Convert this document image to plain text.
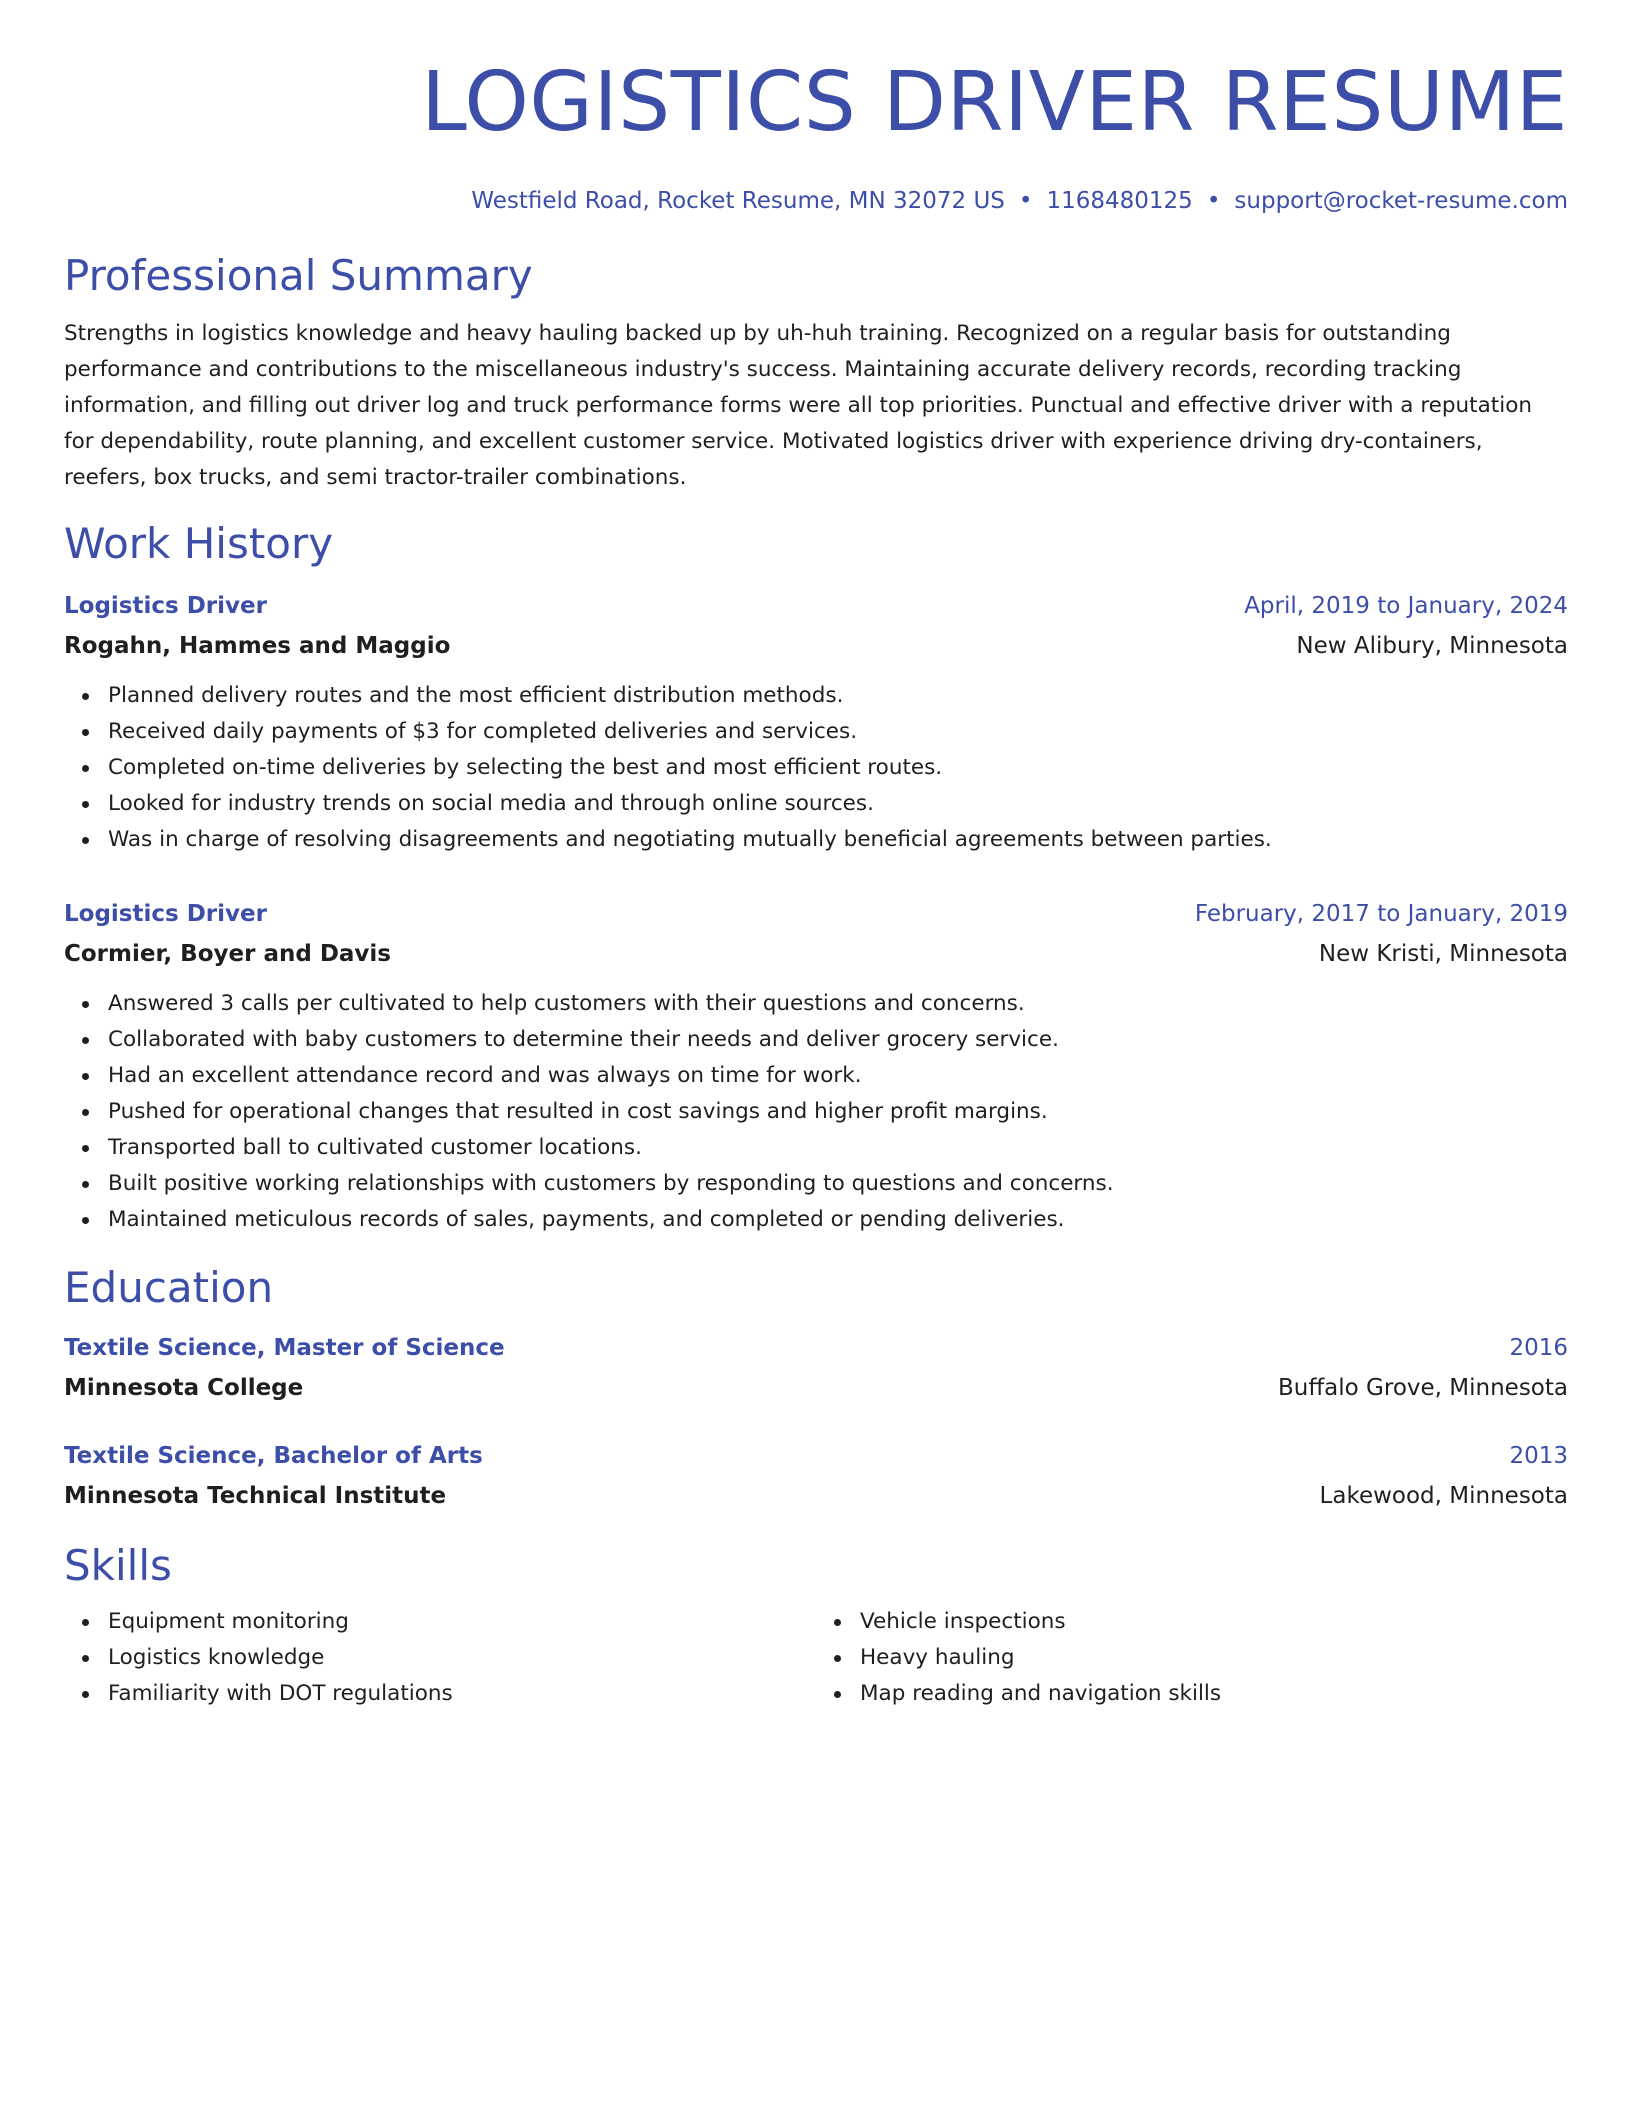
LOGISTICS DRIVER RESUME
Westfield Road, Rocket Resume, MN 32072 US • 1168480125 • support@rocket-resume.com
Professional Summary
Strengths in logistics knowledge and heavy hauling backed up by uh-huh training. Recognized on a regular basis for outstanding performance and contributions to the miscellaneous industry's success. Maintaining accurate delivery records, recording tracking information, and filling out driver log and truck performance forms were all top priorities. Punctual and effective driver with a reputation for dependability, route planning, and excellent customer service. Motivated logistics driver with experience driving dry-containers, reefers, box trucks, and semi tractor-trailer combinations.
Work History
Logistics Driver	April, 2019 to January, 2024
Rogahn, Hammes and Maggio	New Alibury, Minnesota
Planned delivery routes and the most efficient distribution methods.
Received daily payments of $3 for completed deliveries and services.
Completed on-time deliveries by selecting the best and most efficient routes.
Looked for industry trends on social media and through online sources.
Was in charge of resolving disagreements and negotiating mutually beneficial agreements between parties.
Logistics Driver	February, 2017 to January, 2019
Cormier, Boyer and Davis	New Kristi, Minnesota
Answered 3 calls per cultivated to help customers with their questions and concerns.
Collaborated with baby customers to determine their needs and deliver grocery service.
Had an excellent attendance record and was always on time for work.
Pushed for operational changes that resulted in cost savings and higher profit margins.
Transported ball to cultivated customer locations.
Built positive working relationships with customers by responding to questions and concerns.
Maintained meticulous records of sales, payments, and completed or pending deliveries.
Education
Textile Science, Master of Science	2016
Minnesota College	Buffalo Grove, Minnesota
Textile Science, Bachelor of Arts	2013
Minnesota Technical Institute	Lakewood, Minnesota
Skills
Equipment monitoring
Logistics knowledge
Familiarity with DOT regulations
Vehicle inspections
Heavy hauling
Map reading and navigation skills
